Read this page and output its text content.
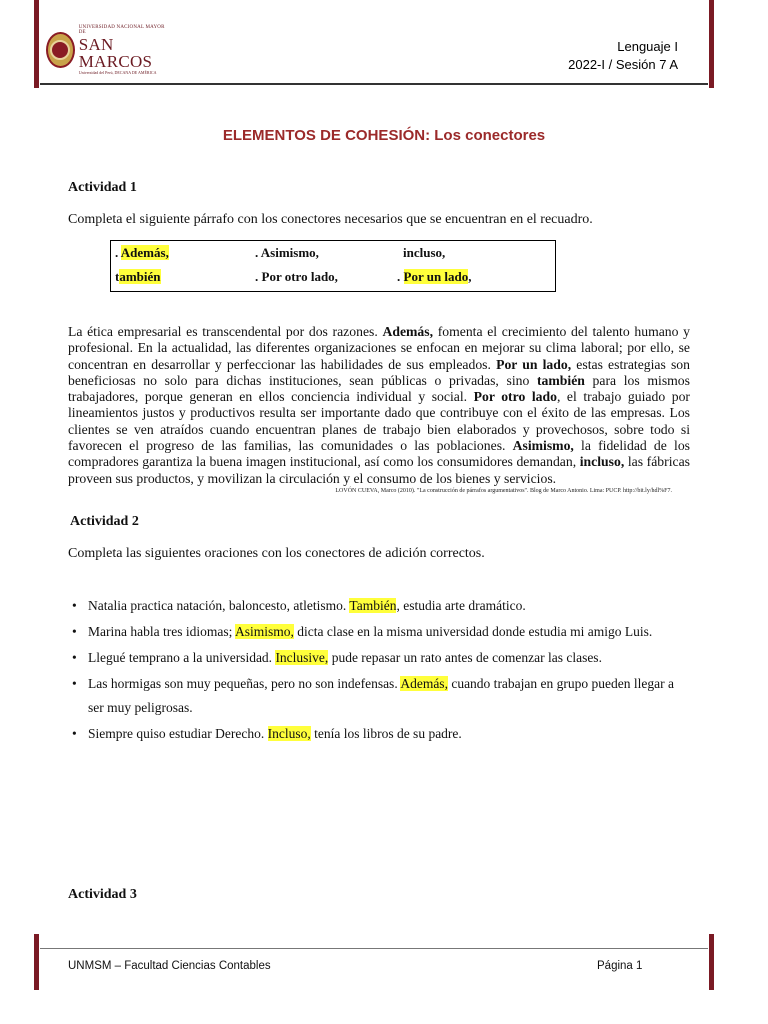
UNIVERSIDAD NACIONAL MAYOR DE
SAN MARCOS
Universidad del Perú, DECANA DE AMÉRICA
Lenguaje I
2022-I / Sesión 7 A
ELEMENTOS DE COHESIÓN: Los conectores
Actividad 1
Completa el siguiente párrafo con los conectores necesarios que se encuentran en el recuadro.
. Además,	. Asimismo,	incluso,
también	. Por otro lado,	. Por un lado,
La ética empresarial es transcendental por dos razones. Además, fomenta el crecimiento del talento humano y profesional. En la actualidad, las diferentes organizaciones se enfocan en mejorar su clima laboral; por ello, se concentran en desarrollar y perfeccionar las habilidades de sus empleados. Por un lado, estas estrategias son beneficiosas no solo para dichas instituciones, sean públicas o privadas, sino también para los mismos trabajadores, porque generan en ellos conciencia individual y social. Por otro lado, el trabajo guiado por lineamientos justos y productivos resulta ser importante dado que contribuye con el éxito de las empresas. Los clientes se ven atraídos cuando encuentran planes de trabajo bien elaborados y provechosos, sobre todo si favorecen el progreso de las familias, las comunidades o las poblaciones. Asimismo, la fidelidad de los compradores garantiza la buena imagen institucional, así como los consumidores demandan, incluso, las fábricas proveen sus productos, y movilizan la circulación y el consumo de los bienes y servicios.
LOVÓN CUEVA, Marco (2010). "La construcción de párrafos argumentativos". Blog de Marco Antonio. Lima: PUCP. http://bit.ly/hdl%F7.
Actividad 2
Completa las siguientes oraciones con los conectores de adición correctos.
• Natalia practica natación, baloncesto, atletismo. También, estudia arte dramático.
• Marina habla tres idiomas; Asimismo, dicta clase en la misma universidad donde estudia mi amigo Luis.
• Llegué temprano a la universidad. Inclusive, pude repasar un rato antes de comenzar las clases.
• Las hormigas son muy pequeñas, pero no son indefensas. Además, cuando trabajan en grupo pueden llegar a ser muy peligrosas.
• Siempre quiso estudiar Derecho. Incluso, tenía los libros de su padre.
Actividad 3
UNMSM – Facultad Ciencias Contables	Página 1
